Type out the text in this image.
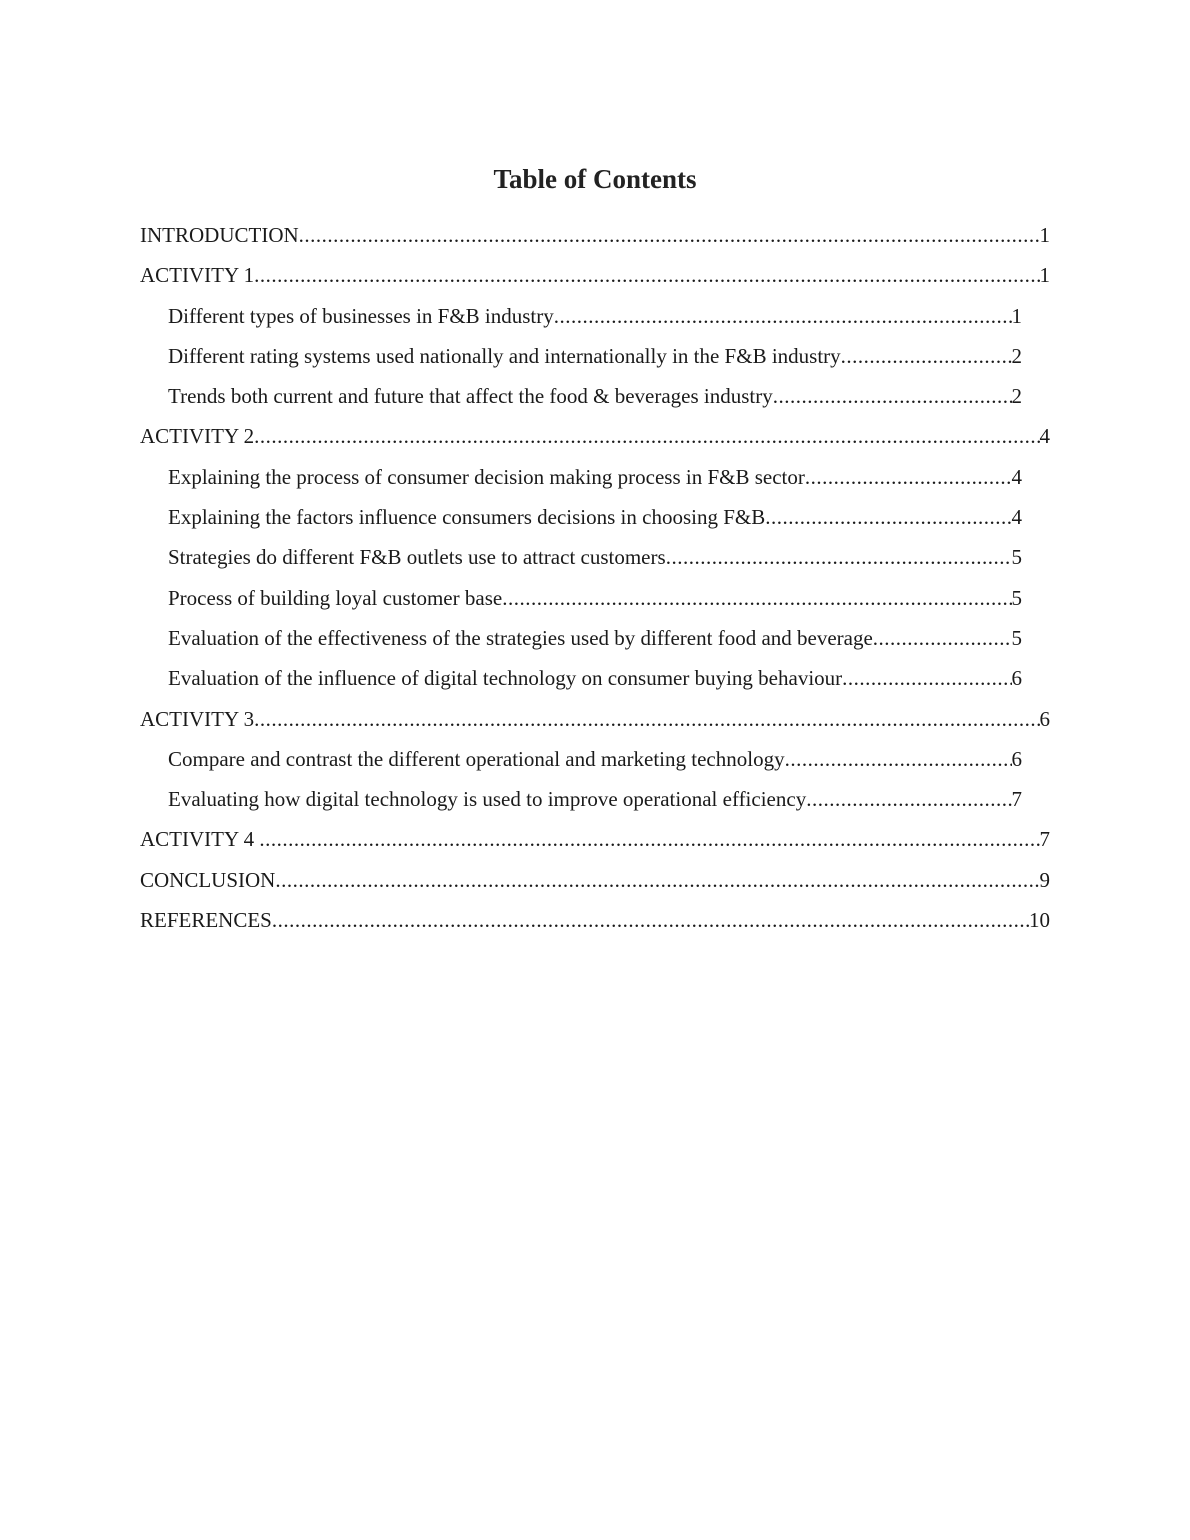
Table of Contents
INTRODUCTION .....	1
ACTIVITY 1 .....	1
Different types of businesses in F&B industry .....	1
Different rating systems used nationally and internationally in the F&B industry .....	2
Trends both current and future that affect the food & beverages industry .....	2
ACTIVITY 2 .....	4
Explaining the process of consumer decision making process in F&B sector .....	4
Explaining the factors influence consumers decisions in choosing F&B .....	4
Strategies do different F&B outlets use to attract customers .....	5
Process of building loyal customer base .....	5
Evaluation of the effectiveness of the strategies used by different food and beverage .....	5
Evaluation of the influence of digital technology on consumer buying behaviour .....	6
ACTIVITY 3 .....	6
Compare and contrast the different operational and marketing technology .....	6
Evaluating how digital technology is used to improve operational efficiency .....	7
ACTIVITY 4 .....	7
CONCLUSION .....	9
REFERENCES .....	10
